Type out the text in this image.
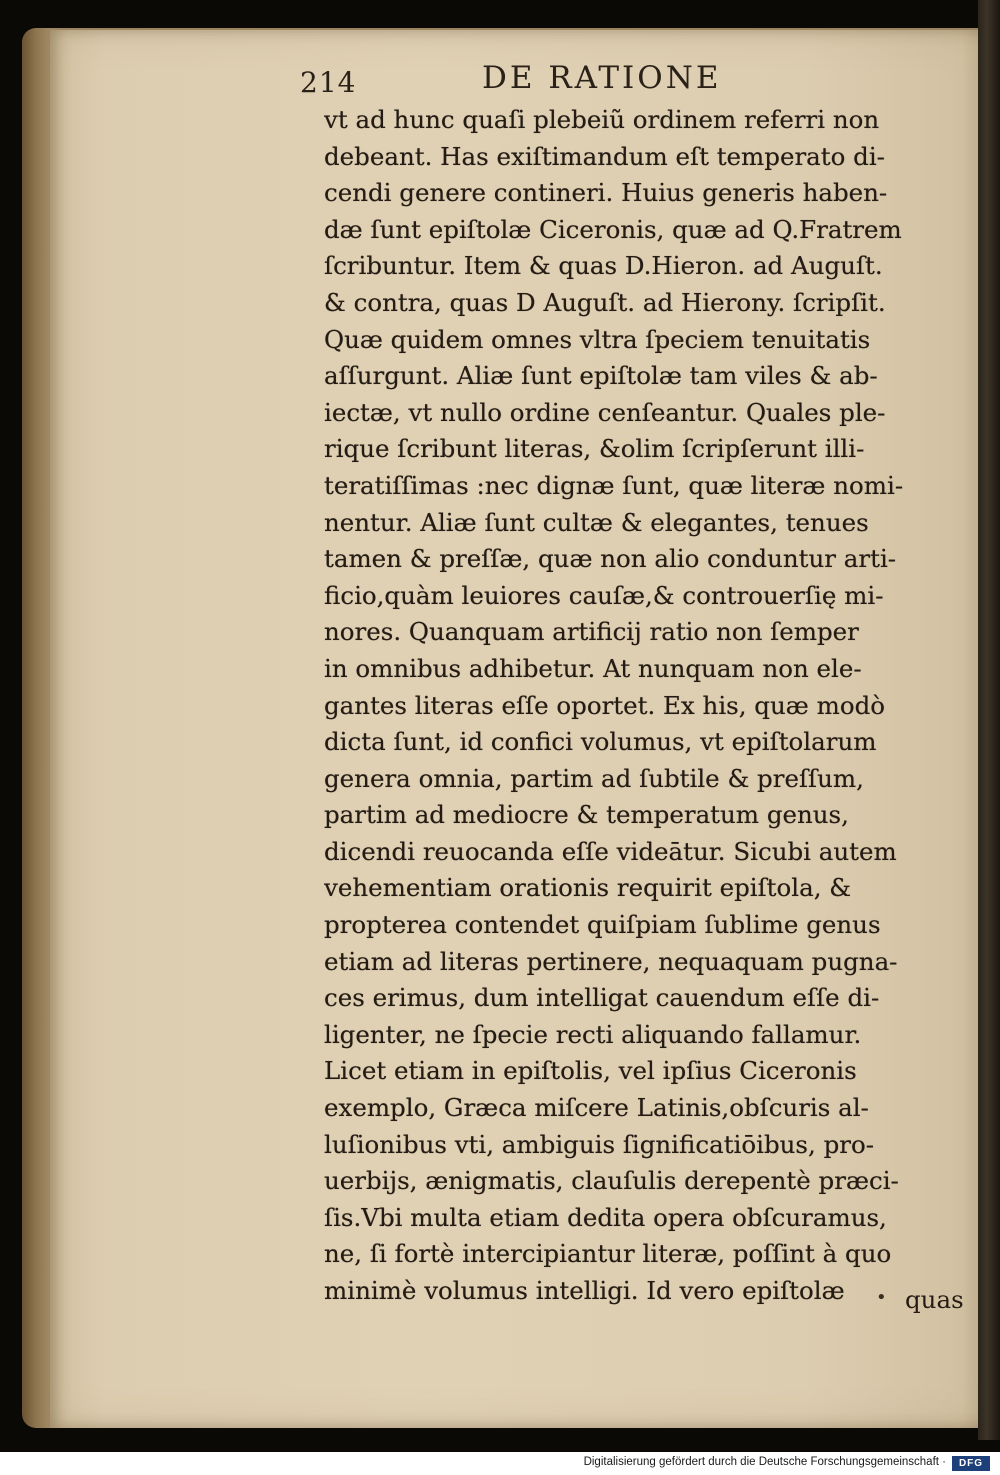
214	DE RATIONE
vt ad hunc quaſi plebeiũ ordinem referri non
debeant. Has exiſtimandum eſt temperato di-
cendi genere contineri. Huius generis haben-
dæ ſunt epiſtolæ Ciceronis, quæ ad Q.Fratrem
ſcribuntur. Item & quas D.Hieron. ad Auguſt.
& contra, quas D Auguſt. ad Hierony. ſcripſit.
Quæ quidem omnes vltra ſpeciem tenuitatis
aſſurgunt. Aliæ ſunt epiſtolæ tam viles & ab-
iectæ, vt nullo ordine cenſeantur. Quales ple-
rique ſcribunt literas, &olim ſcripſerunt illi-
teratiſſimas :nec dignæ ſunt, quæ literæ nomi-
nentur. Aliæ ſunt cultæ & elegantes, tenues
tamen & preſſæ, quæ non alio conduntur arti-
ficio,quàm leuiores cauſæ,& controuerſię mi-
nores. Quanquam artificij ratio non ſemper
in omnibus adhibetur. At nunquam non ele-
gantes literas eſſe oportet. Ex his, quæ modò
dicta ſunt, id confici volumus, vt epiſtolarum
genera omnia, partim ad ſubtile & preſſum,
partim ad mediocre & temperatum genus,
dicendi reuocanda eſſe videātur. Sicubi autem
vehementiam orationis requirit epiſtola, &
propterea contendet quiſpiam ſublime genus
etiam ad literas pertinere, nequaquam pugna-
ces erimus, dum intelligat cauendum eſſe di-
ligenter, ne ſpecie recti aliquando fallamur.
Licet etiam in epiſtolis, vel ipſius Ciceronis
exemplo, Græca miſcere Latinis,obſcuris al-
luſionibus vti, ambiguis ſignificatiōibus, pro-
uerbijs, ænigmatis, clauſulis derepentè præci-
ſis.Vbi multa etiam dedita opera obſcuramus,
ne, ſi fortè intercipiantur literæ, poſſint à quo
minimè volumus intelligi. Id vero epiſtolæ	• quas
Digitalisierung gefördert durch die Deutsche Forschungsgemeinschaft ·	DFG
